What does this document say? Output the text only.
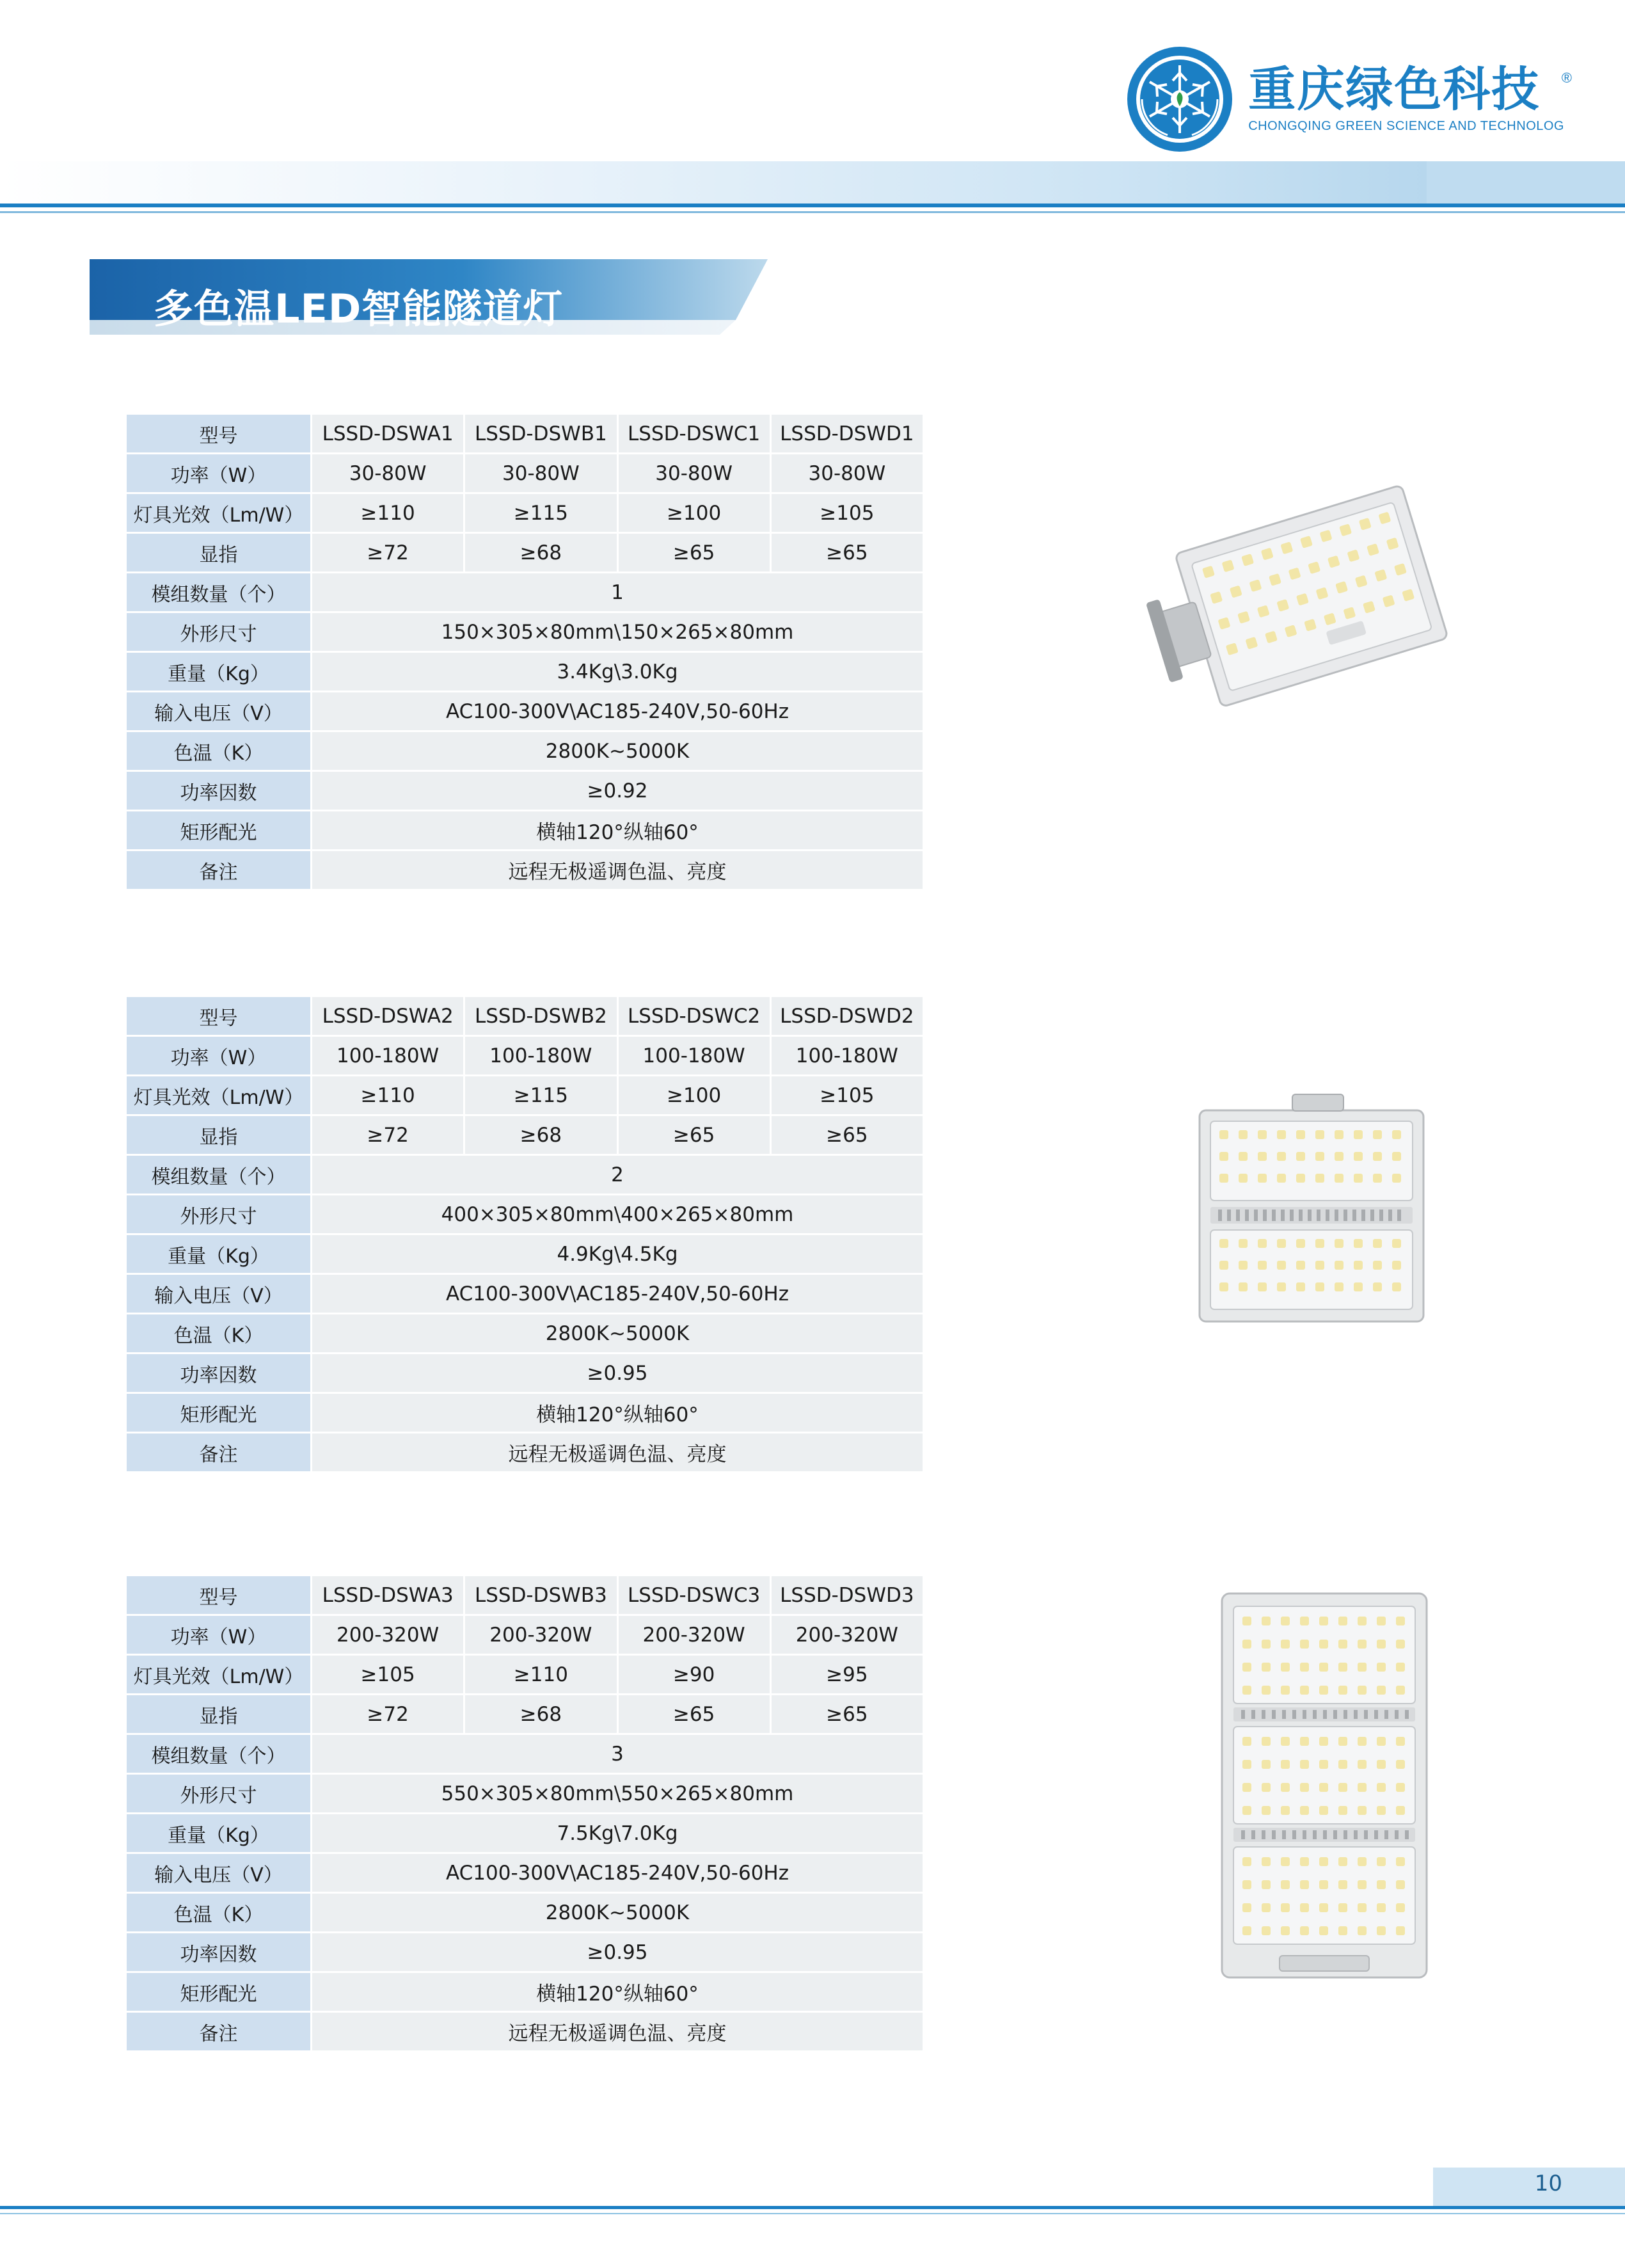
重庆绿色科技
CHONGQING GREEN SCIENCE AND TECHNOLOG
®
多色温LED智能隧道灯
型号	LSSD-DSWA1	LSSD-DSWB1	LSSD-DSWC1	LSSD-DSWD1
功率（W）	30-80W	30-80W	30-80W	30-80W
灯具光效（Lm/W）	≥110	≥115	≥100	≥105
显指	≥72	≥68	≥65	≥65
模组数量（个）	1			
外形尺寸	150×305×80mm\150×265×80mm			
重量（Kg）	3.4Kg\3.0Kg			
输入电压（V）	AC100-300V\AC185-240V,50-60Hz			
色温（K）	2800K~5000K			
功率因数	≥0.92			
矩形配光	横轴120°纵轴60°			
备注	远程无极遥调色温、亮度			
型号	LSSD-DSWA2	LSSD-DSWB2	LSSD-DSWC2	LSSD-DSWD2
功率（W）	100-180W	100-180W	100-180W	100-180W
灯具光效（Lm/W）	≥110	≥115	≥100	≥105
显指	≥72	≥68	≥65	≥65
模组数量（个）	2			
外形尺寸	400×305×80mm\400×265×80mm			
重量（Kg）	4.9Kg\4.5Kg			
输入电压（V）	AC100-300V\AC185-240V,50-60Hz			
色温（K）	2800K~5000K			
功率因数	≥0.95			
矩形配光	横轴120°纵轴60°			
备注	远程无极遥调色温、亮度			
型号	LSSD-DSWA3	LSSD-DSWB3	LSSD-DSWC3	LSSD-DSWD3
功率（W）	200-320W	200-320W	200-320W	200-320W
灯具光效（Lm/W）	≥105	≥110	≥90	≥95
显指	≥72	≥68	≥65	≥65
模组数量（个）	3			
外形尺寸	550×305×80mm\550×265×80mm			
重量（Kg）	7.5Kg\7.0Kg			
输入电压（V）	AC100-300V\AC185-240V,50-60Hz			
色温（K）	2800K~5000K			
功率因数	≥0.95			
矩形配光	横轴120°纵轴60°			
备注	远程无极遥调色温、亮度			
10
